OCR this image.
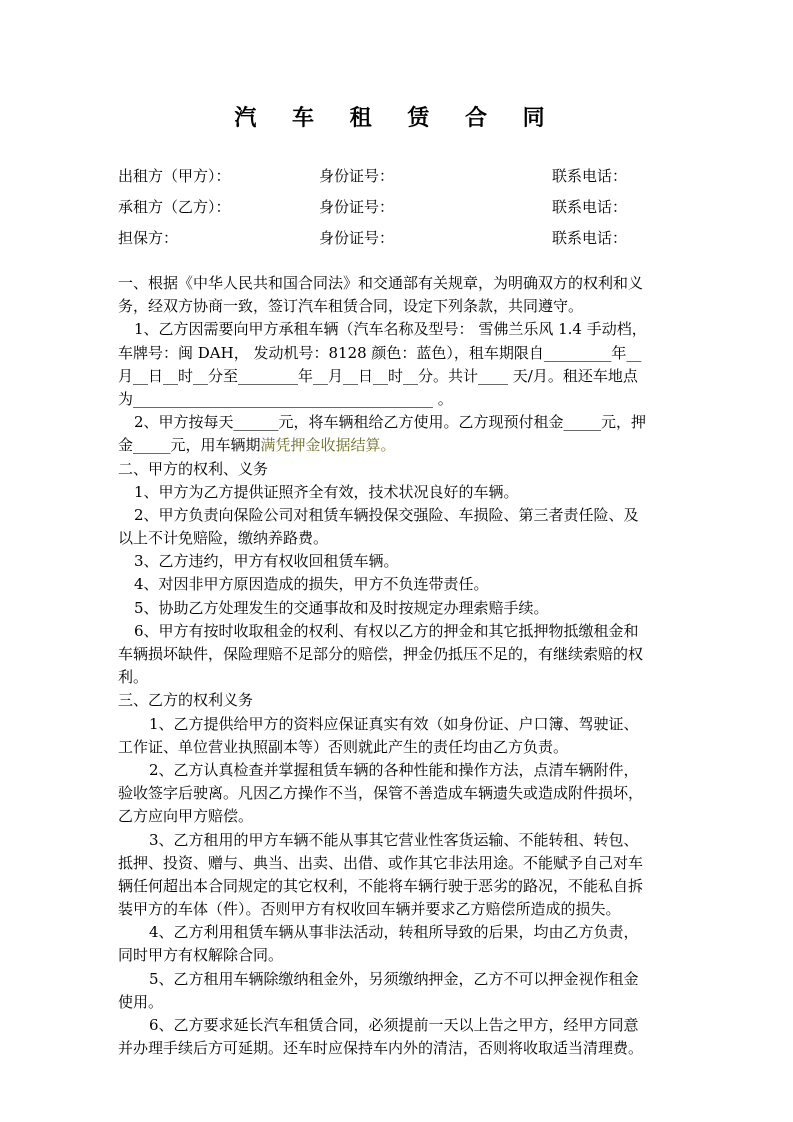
汽 车 租 赁 合 同
出租方（甲方）：	身份证号：	联系电话：
承租方（乙方）：	身份证号：	联系电话：
担保方：	身份证号：	联系电话：
一、根据《中华人民共和国合同法》和交通部有关规章，为明确双方的权利和义
务，经双方协商一致，签订汽车租赁合同，设定下列条款，共同遵守。
1、乙方因需要向甲方承租车辆（汽车名称及型号： 雪佛兰乐风 1.4 手动档，
车牌号：闽 DAH， 发动机号：8128 颜色：蓝色），租车期限自_________年__
月__日__时__分至________年__月__日__时__分。共计____ 天/月。租还车地点
为________________________________________ 。
2、甲方按每天______元，将车辆租给乙方使用。乙方现预付租金_____元，押
金_____元，用车辆期满凭押金收据结算。
二、甲方的权利、义务
1、甲方为乙方提供证照齐全有效，技术状况良好的车辆。
2、甲方负责向保险公司对租赁车辆投保交强险、车损险、第三者责任险、及
以上不计免赔险，缴纳养路费。
3、乙方违约，甲方有权收回租赁车辆。
4、对因非甲方原因造成的损失，甲方不负连带责任。
5、协助乙方处理发生的交通事故和及时按规定办理索赔手续。
6、甲方有按时收取租金的权利、有权以乙方的押金和其它抵押物抵缴租金和
车辆损坏缺件，保险理赔不足部分的赔偿，押金仍抵压不足的，有继续索赔的权
利。
三、乙方的权利义务
1、乙方提供给甲方的资料应保证真实有效（如身份证、户口簿、驾驶证、
工作证、单位营业执照副本等）否则就此产生的责任均由乙方负责。
2、乙方认真检查并掌握租赁车辆的各种性能和操作方法，点清车辆附件，
验收签字后驶离。凡因乙方操作不当，保管不善造成车辆遗失或造成附件损坏，
乙方应向甲方赔偿。
3、乙方租用的甲方车辆不能从事其它营业性客货运输、不能转租、转包、
抵押、投资、赠与、典当、出卖、出借、或作其它非法用途。不能赋予自己对车
辆任何超出本合同规定的其它权利，不能将车辆行驶于恶劣的路况，不能私自拆
装甲方的车体（件）。否则甲方有权收回车辆并要求乙方赔偿所造成的损失。
4、乙方利用租赁车辆从事非法活动，转租所导致的后果，均由乙方负责，
同时甲方有权解除合同。
5、乙方租用车辆除缴纳租金外，另须缴纳押金，乙方不可以押金视作租金
使用。
6、乙方要求延长汽车租赁合同，必须提前一天以上告之甲方，经甲方同意
并办理手续后方可延期。还车时应保持车内外的清洁，否则将收取适当清理费。
